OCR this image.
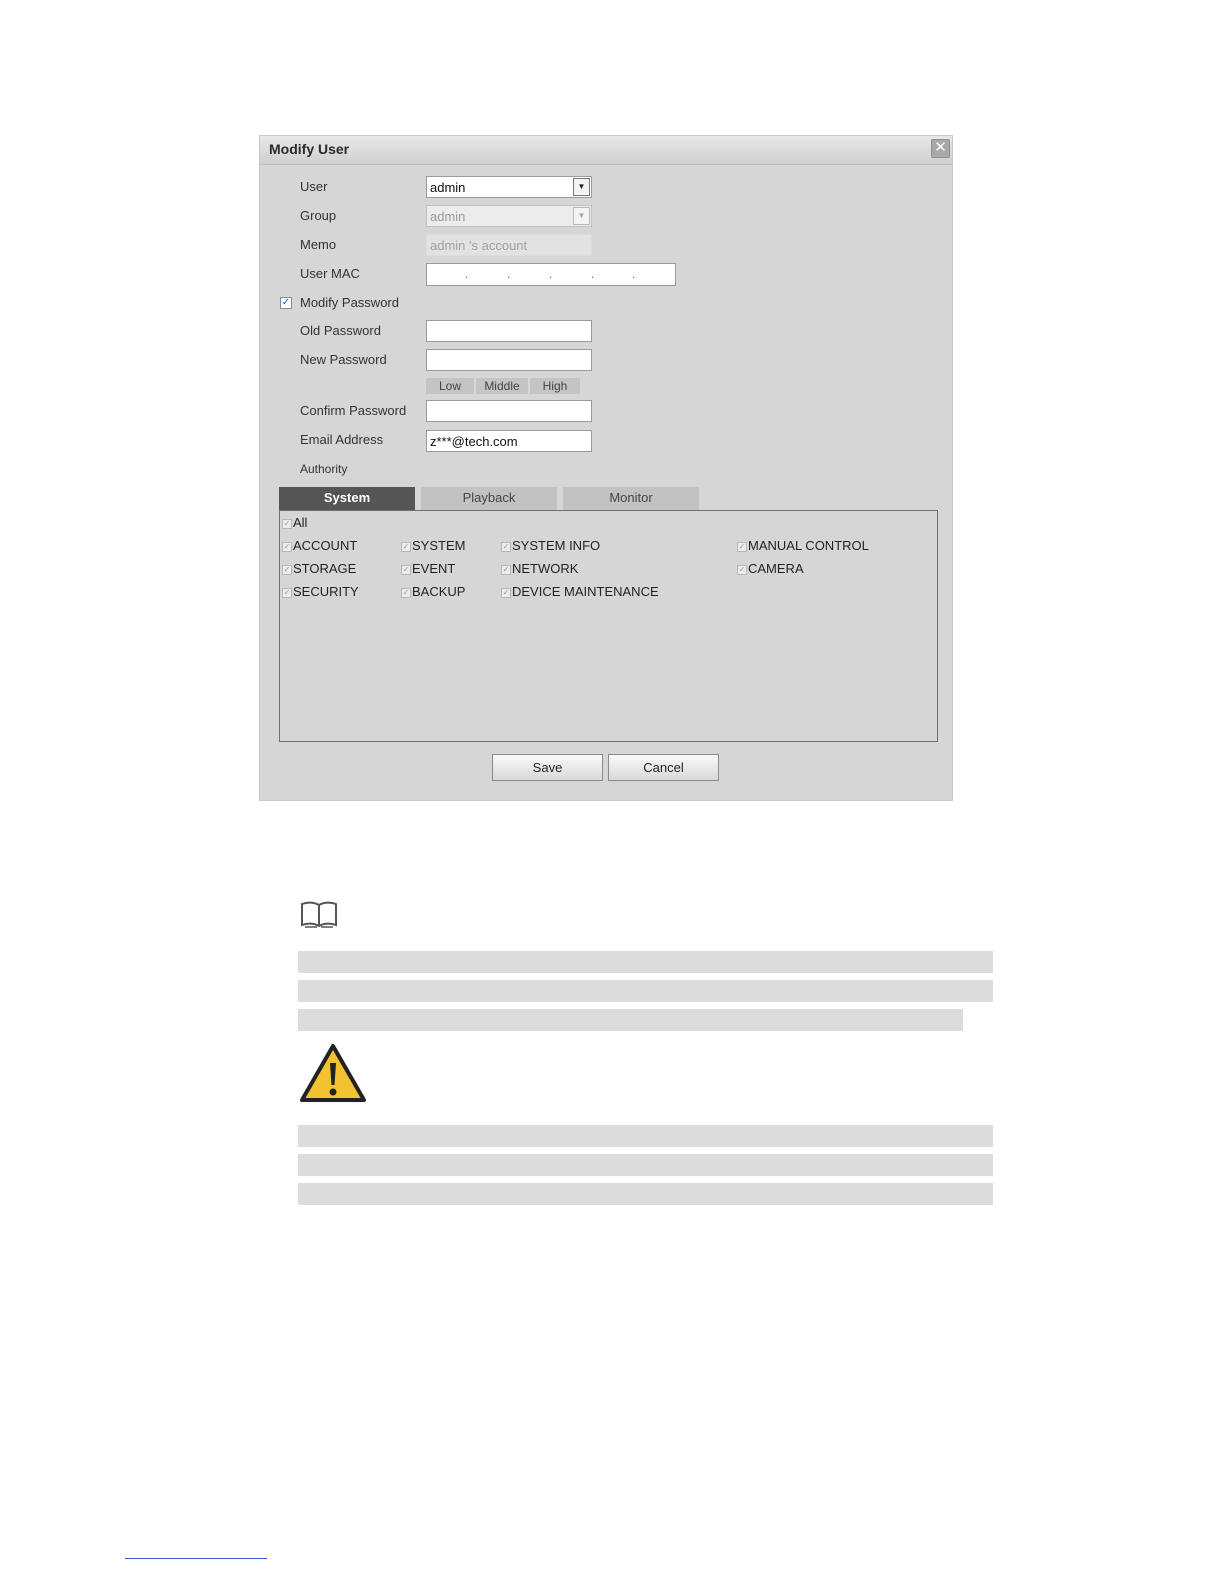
Modify User	✕
User	admin	▼
Group	admin	▼
Memo	admin 's account
User MAC	.	.	.	.	.
✓ Modify Password
Old Password
New Password
Low	Middle	High
Confirm Password
Email Address	z***@tech.com
Authority
System	Playback	Monitor
✓ All
✓ ACCOUNT	✓ SYSTEM	✓ SYSTEM INFO	✓ MANUAL CONTROL
✓ STORAGE	✓ EVENT	✓ NETWORK	✓ CAMERA
✓ SECURITY	✓ BACKUP	✓ DEVICE MAINTENANCE
Save	Cancel
